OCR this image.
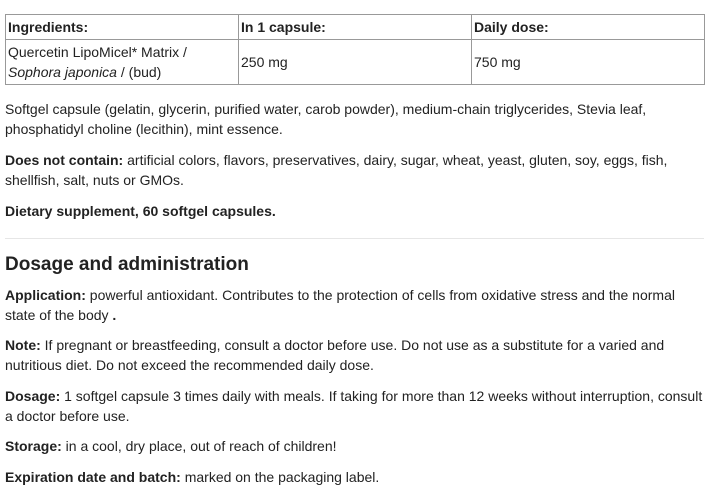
Ingredients:	In 1 capsule:	Daily dose:
Quercetin LipoMicel* Matrix /
Sophora japonica / (bud)	250 mg	750 mg

Softgel capsule (gelatin, glycerin, purified water, carob powder), medium-chain triglycerides, Stevia leaf, phosphatidyl choline (lecithin), mint essence.

Does not contain: artificial colors, flavors, preservatives, dairy, sugar, wheat, yeast, gluten, soy, eggs, fish, shellfish, salt, nuts or GMOs.

Dietary supplement, 60 softgel capsules.

Dosage and administration

Application: powerful antioxidant. Contributes to the protection of cells from oxidative stress and the normal state of the body .

Note: If pregnant or breastfeeding, consult a doctor before use. Do not use as a substitute for a varied and nutritious diet. Do not exceed the recommended daily dose.

Dosage: 1 softgel capsule 3 times daily with meals. If taking for more than 12 weeks without interruption, consult a doctor before use.

Storage: in a cool, dry place, out of reach of children!

Expiration date and batch: marked on the packaging label.
